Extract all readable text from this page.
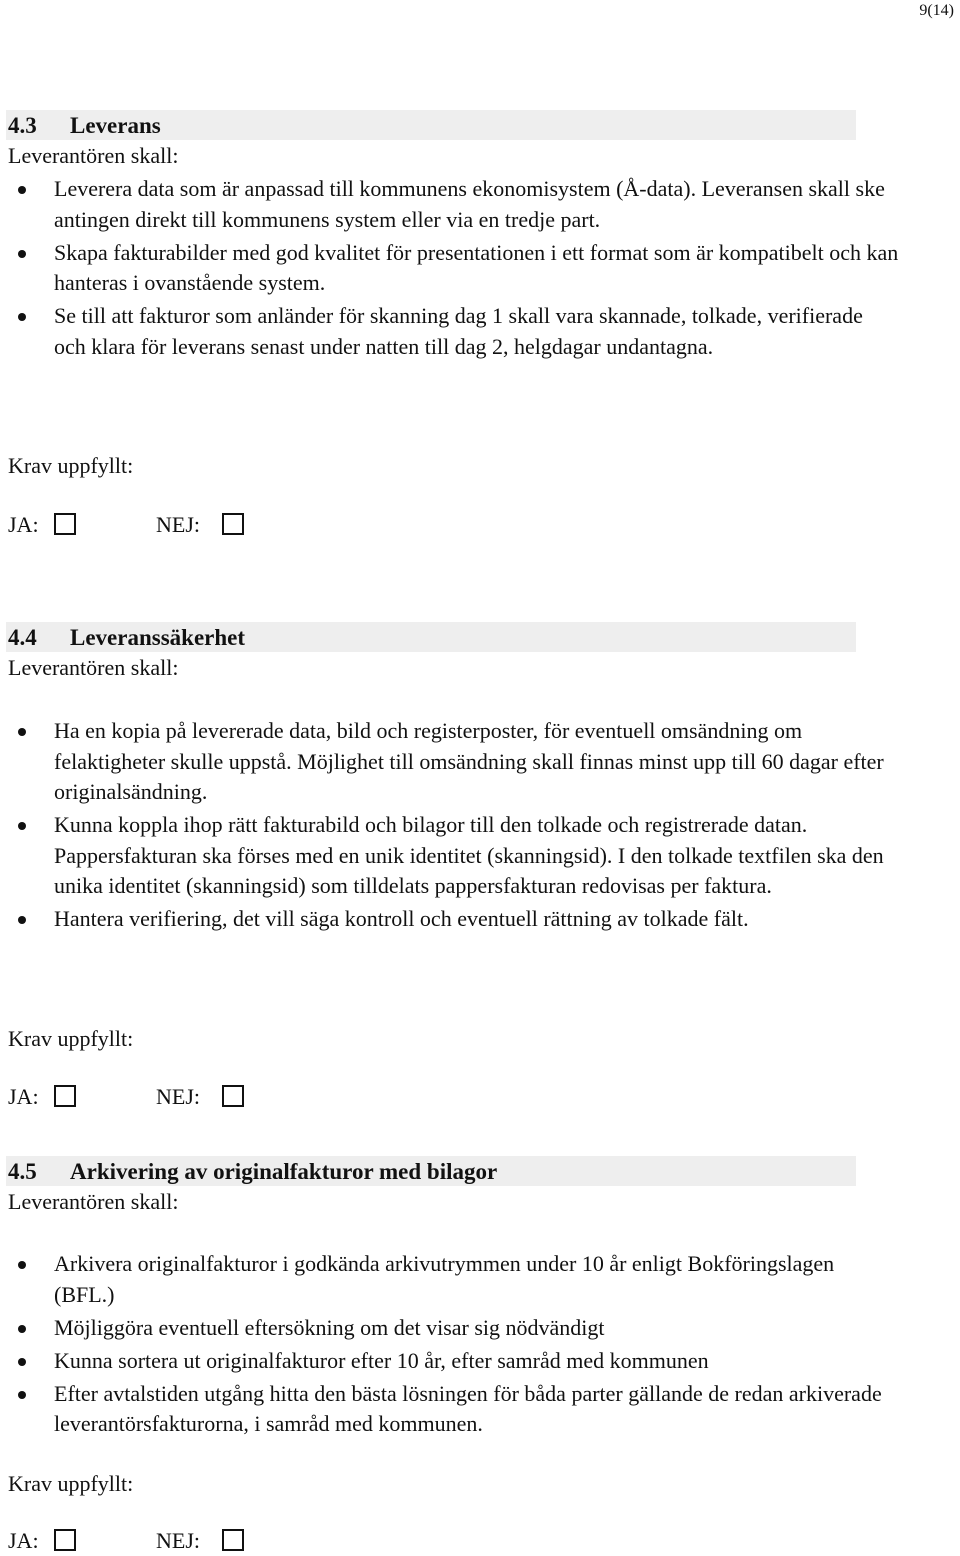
9(14)
4.3 Leverans
Leverantören skall:
Leverera data som är anpassad till kommunens ekonomisystem (Å-data). Leveransen skall ske antingen direkt till kommunens system eller via en tredje part.
Skapa fakturabilder med god kvalitet för presentationen i ett format som är kompatibelt och kan hanteras i ovanstående system.
Se till att fakturor som anländer för skanning dag 1 skall vara skannade, tolkade, verifierade och klara för leverans senast under natten till dag 2, helgdagar undantagna.
Krav uppfyllt:
JA:	NEJ:
4.4 Leveranssäkerhet
Leverantören skall:
Ha en kopia på levererade data, bild och registerposter, för eventuell omsändning om felaktigheter skulle uppstå. Möjlighet till omsändning skall finnas minst upp till 60 dagar efter originalsändning.
Kunna koppla ihop rätt fakturabild och bilagor till den tolkade och registrerade datan. Pappersfakturan ska förses med en unik identitet (skanningsid). I den tolkade textfilen ska den unika identitet (skanningsid) som tilldelats pappersfakturan redovisas per faktura.
Hantera verifiering, det vill säga kontroll och eventuell rättning av tolkade fält.
Krav uppfyllt:
JA:	NEJ:
4.5 Arkivering av originalfakturor med bilagor
Leverantören skall:
Arkivera originalfakturor i godkända arkivutrymmen under 10 år enligt Bokföringslagen (BFL.)
Möjliggöra eventuell eftersökning om det visar sig nödvändigt
Kunna sortera ut originalfakturor efter 10 år, efter samråd med kommunen
Efter avtalstiden utgång hitta den bästa lösningen för båda parter gällande de redan arkiverade leverantörsfakturorna, i samråd med kommunen.
Krav uppfyllt:
JA:	NEJ:
